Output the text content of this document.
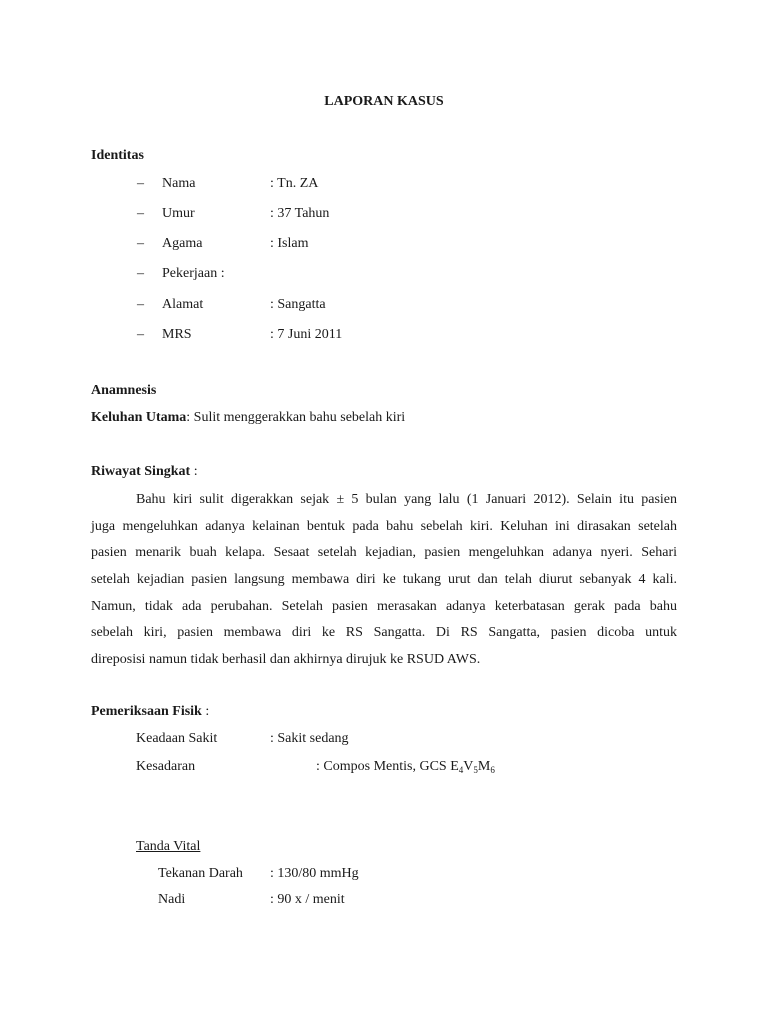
LAPORAN KASUS
Identitas
– Nama	: Tn. ZA
– Umur	: 37 Tahun
– Agama	: Islam
– Pekerjaan :
– Alamat	: Sangatta
– MRS	: 7 Juni 2011
Anamnesis
Keluhan Utama: Sulit menggerakkan bahu sebelah kiri
Riwayat Singkat :
Bahu kiri sulit digerakkan sejak ± 5 bulan yang lalu (1 Januari 2012). Selain itu pasien
juga mengeluhkan adanya kelainan bentuk pada bahu sebelah kiri. Keluhan ini dirasakan setelah
pasien menarik buah kelapa. Sesaat setelah kejadian, pasien mengeluhkan adanya nyeri. Sehari
setelah kejadian pasien langsung membawa diri ke tukang urut dan telah diurut sebanyak 4 kali.
Namun, tidak ada perubahan. Setelah pasien merasakan adanya keterbatasan gerak pada bahu
sebelah kiri, pasien membawa diri ke RS Sangatta. Di RS Sangatta, pasien dicoba untuk
direposisi namun tidak berhasil dan akhirnya dirujuk ke RSUD AWS.
Pemeriksaan Fisik :
Keadaan Sakit	: Sakit sedang
Kesadaran	: Compos Mentis, GCS $E_4V_5M_6$
Tanda Vital
Tekanan Darah : 130/80 mmHg
Nadi	: 90 x / menit
